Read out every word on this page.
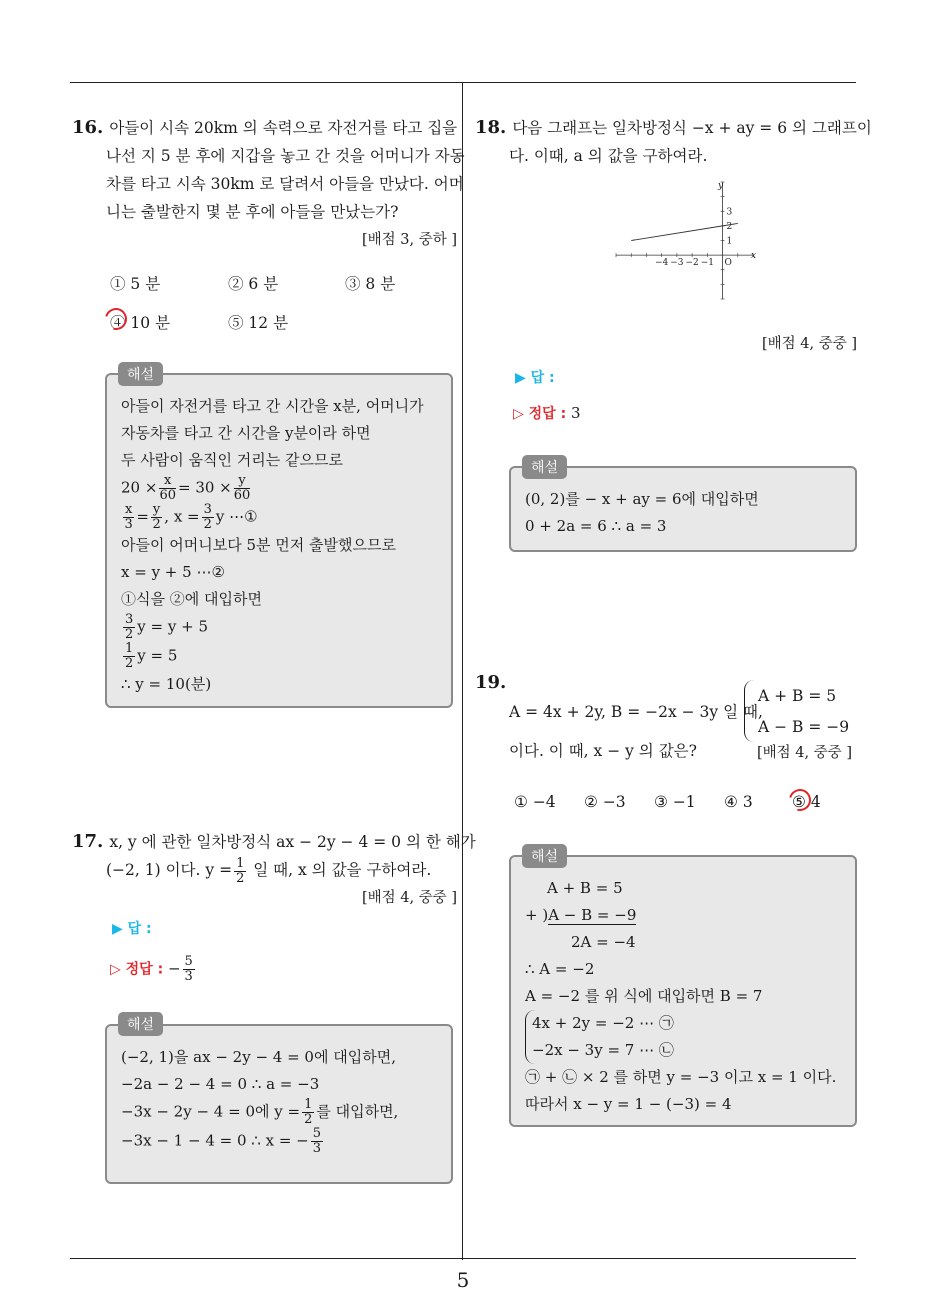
5
16. 아들이 시속 20km 의 속력으로 자전거를 타고 집을
나선 지 5 분 후에 지갑을 놓고 간 것을 어머니가 자동
차를 타고 시속 30km 로 달려서 아들을 만났다. 어머
니는 출발한지 몇 분 후에 아들을 만났는가?
[배점 3, 중하 ]
① 5 분	② 6 분	③ 8 분
④ 10 분	⑤ 12 분
아들이 자전거를 타고 간 시간을 x분, 어머니가
자동차를 타고 간 시간을 y분이라 하면
두 사람이 움직인 거리는 같으므로
$20 \times \frac{x}{60} = 30 \times \frac{y}{60}$
$\frac{x}{3} = \frac{y}{2}$ , $x = \frac{3}{2}$ y ⋯①
아들이 어머니보다 5분 먼저 출발했으므로
x = y + 5 ⋯②
①식을 ②에 대입하면
$\frac{3}{2}$ y = y + 5
$\frac{1}{2}$ y = 5
∴ y = 10(분)
해설
17. x, y 에 관한 일차방정식 ax − 2y − 4 = 0 의 한 해가
(−2, 1) 이다. $y = \frac{1}{2}$ 일 때, x 의 값을 구하여라.
[배점 4, 중중 ]
▶ 답 :
▷ 정답 : − $\frac{5}{3}$
(−2, 1)을 ax − 2y − 4 = 0에 대입하면,
−2a − 2 − 4 = 0 ∴ a = −3
−3x − 2y − 4 = 0에 $y = \frac{1}{2}$ 를 대입하면,
−3x − 1 − 4 = 0 ∴ x = − $\frac{5}{3}$
해설
18. 다음 그래프는 일차방정식 −x + ay = 6 의 그래프이
다. 이때, a 의 값을 구하여라.
−4 −3 −2 −1
3
2
1
x
y
O
[배점 4, 중중 ]
▶ 답 :
▷ 정답 : 3
(0, 2)를 − x + ay = 6에 대입하면
0 + 2a = 6 ∴ a = 3
해설
19.
A = 4x + 2y, B = −2x − 3y 일 때,
A + B = 5
A − B = −9
이다. 이 때, x − y 의 값은?	[배점 4, 중중 ]
① −4 ② −3 ③ −1 ④ 3	⑤ 4
A + B = 5
+ )A − B = −9
2A = −4
∴ A = −2
A = −2 를 위 식에 대입하면 B = 7
4x + 2y = −2 ⋯ ㉠
−2x − 3y = 7 ⋯ ㉡
㉠ + ㉡ × 2 를 하면 y = −3 이고 x = 1 이다.
따라서 x − y = 1 − (−3) = 4
해설
